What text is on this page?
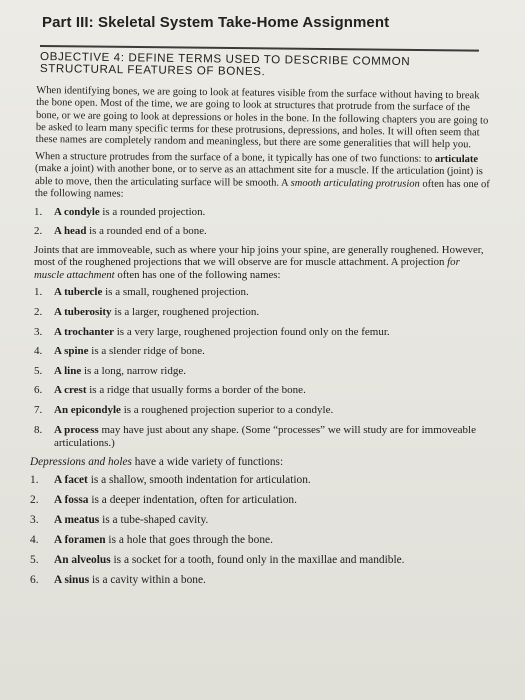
Part III: Skeletal System Take-Home Assignment
OBJECTIVE 4: DEFINE TERMS USED TO DESCRIBE COMMON STRUCTURAL FEATURES OF BONES.

When identifying bones, we are going to look at features visible from the surface without having to break the bone open. Most of the time, we are going to look at structures that protrude from the surface of the bone, or we are going to look at depressions or holes in the bone. In the following chapters you are going to be asked to learn many specific terms for these protrusions, depressions, and holes. It will often seem that these names are completely random and meaningless, but there are some generalities that will help you.

When a structure protrudes from the surface of a bone, it typically has one of two functions: to articulate (make a joint) with another bone, or to serve as an attachment site for a muscle. If the articulation (joint) is able to move, then the articulating surface will be smooth. A smooth articulating protrusion often has one of the following names:

1.	A condyle is a rounded projection.
2.	A head is a rounded end of a bone.

Joints that are immoveable, such as where your hip joins your spine, are generally roughened. However, most of the roughened projections that we will observe are for muscle attachment. A projection for muscle attachment often has one of the following names:

1.	A tubercle is a small, roughened projection.
2.	A tuberosity is a larger, roughened projection.
3.	A trochanter is a very large, roughened projection found only on the femur.
4.	A spine is a slender ridge of bone.
5.	A line is a long, narrow ridge.
6.	A crest is a ridge that usually forms a border of the bone.
7.	An epicondyle is a roughened projection superior to a condyle.
8.	A process may have just about any shape. (Some “processes” we will study are for immoveable articulations.)

Depressions and holes have a wide variety of functions:

1.	A facet is a shallow, smooth indentation for articulation.
2.	A fossa is a deeper indentation, often for articulation.
3.	A meatus is a tube-shaped cavity.
4.	A foramen is a hole that goes through the bone.
5.	An alveolus is a socket for a tooth, found only in the maxillae and mandible.
6.	A sinus is a cavity within a bone.
